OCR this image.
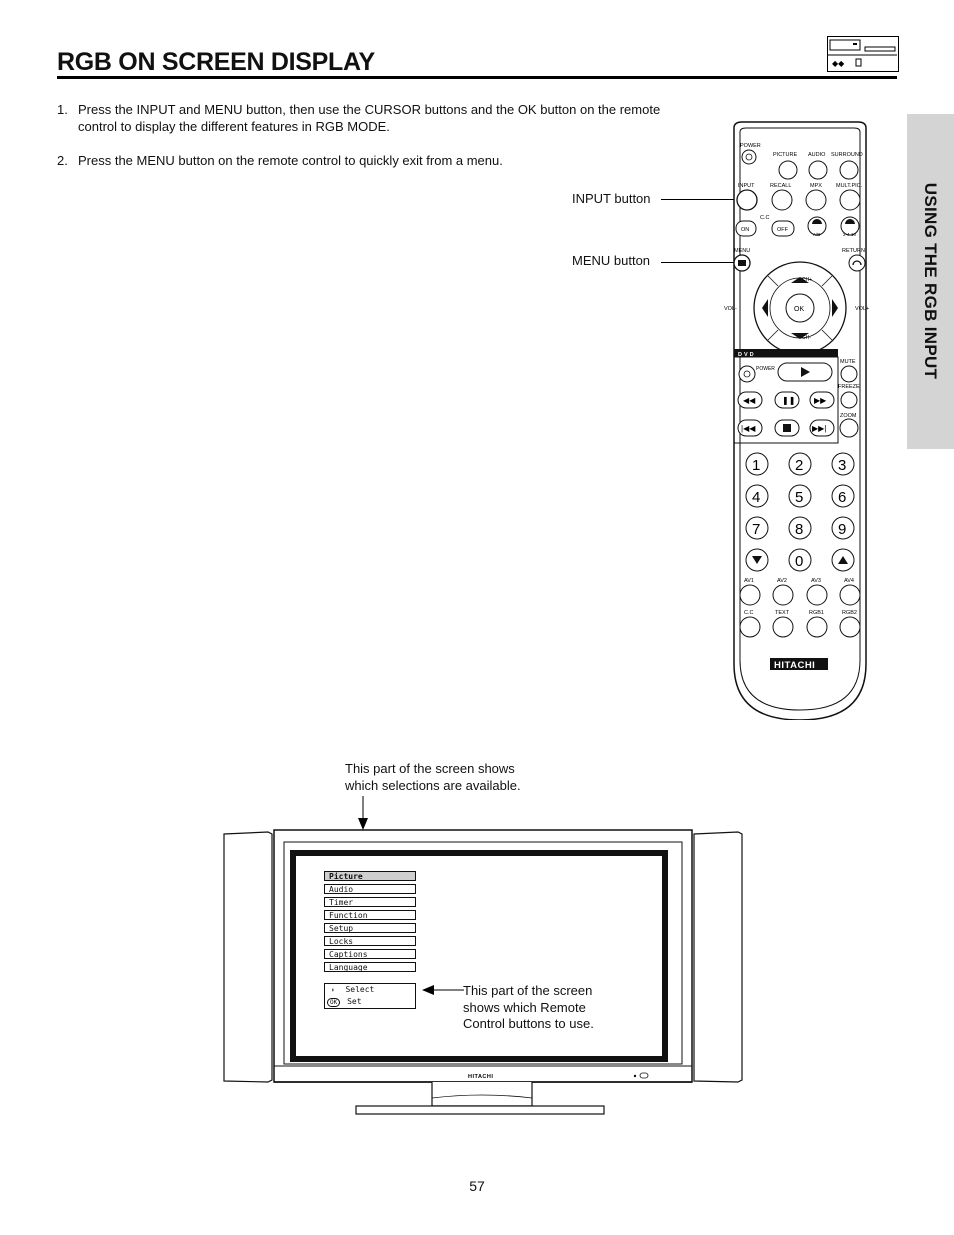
RGB ON SCREEN DISPLAY	◆◆
USING THE RGB INPUT
1. Press the INPUT and MENU button, then use the CURSOR buttons and the OK button on the remote control to display the different features in RGB MODE.
2. Press the MENU button on the remote control to quickly exit from a menu.
INPUT button
MENU button
POWER
PICTURE AUDIO SURROUND
INPUT	RECALL	MPX	MULT.PIC.
C.C
ON	OFF
A/B	2-4-10
MENU	RETURN
OK
CH+
CH-
VOL-	VOL+
DVD
POWER
◀◀	❚❚ ▶▶
|◀◀	▶▶|
MUTE
FREEZE
ZOOM
1 2 3
4 5 6
7 8 9
0
AV1	AV2	AV3	AV4
C.C	TEXT	RGB1	RGB2
HITACHI
This part of the screen shows
which selections are available.
HITACHI
Picture
Audio
Timer
Function
Setup
Locks
Captions
Language
⬍ Select
OK Set
This part of the screen
shows which Remote
Control buttons to use.
57
